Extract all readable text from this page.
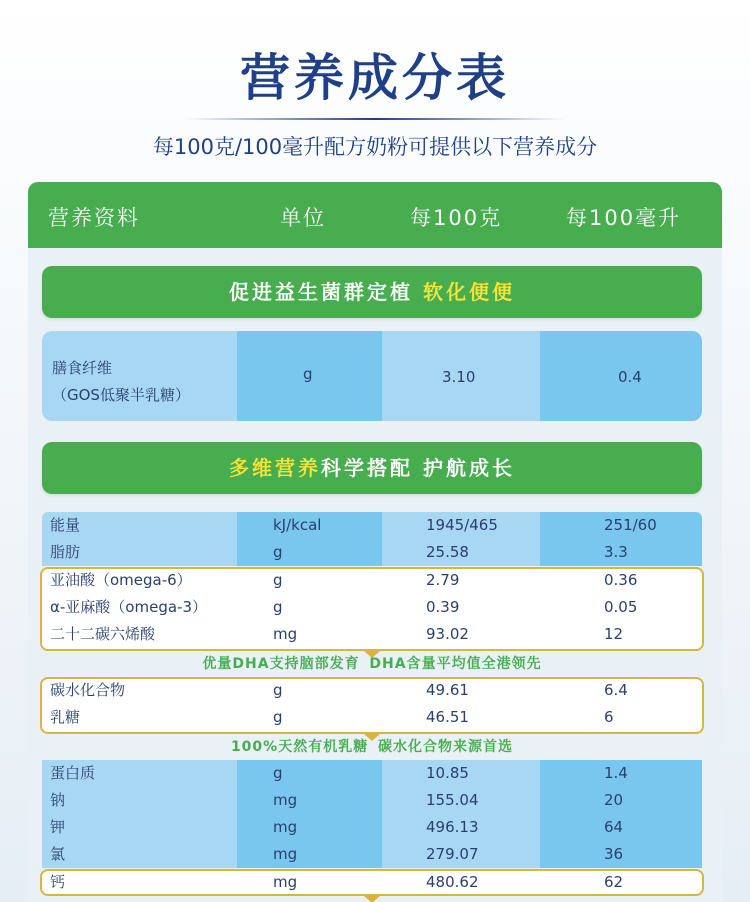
营养成分表
每100克/100毫升配方奶粉可提供以下营养成分
营养资料	单位	每100克	每100毫升
促进益生菌群定植 软化便便
膳食纤维
（GOS低聚半乳糖）
g	3.10	0.4
多维营养科学搭配 护航成长
能量	kJ/kcal	1945/465	251/60
脂肪	g	25.58	3.3
亚油酸（omega-6）	g	2.79	0.36
α-亚麻酸（omega-3）	g	0.39	0.05
二十二碳六烯酸	mg	93.02	12
优量DHA支持脑部发育 DHA含量平均值全港领先
碳水化合物	g	49.61	6.4
乳糖	g	46.51	6
100%天然有机乳糖 碳水化合物来源首选
蛋白质	g	10.85	1.4
钠	mg	155.04	20
钾	mg	496.13	64
氯	mg	279.07	36
钙	mg	480.62	62
